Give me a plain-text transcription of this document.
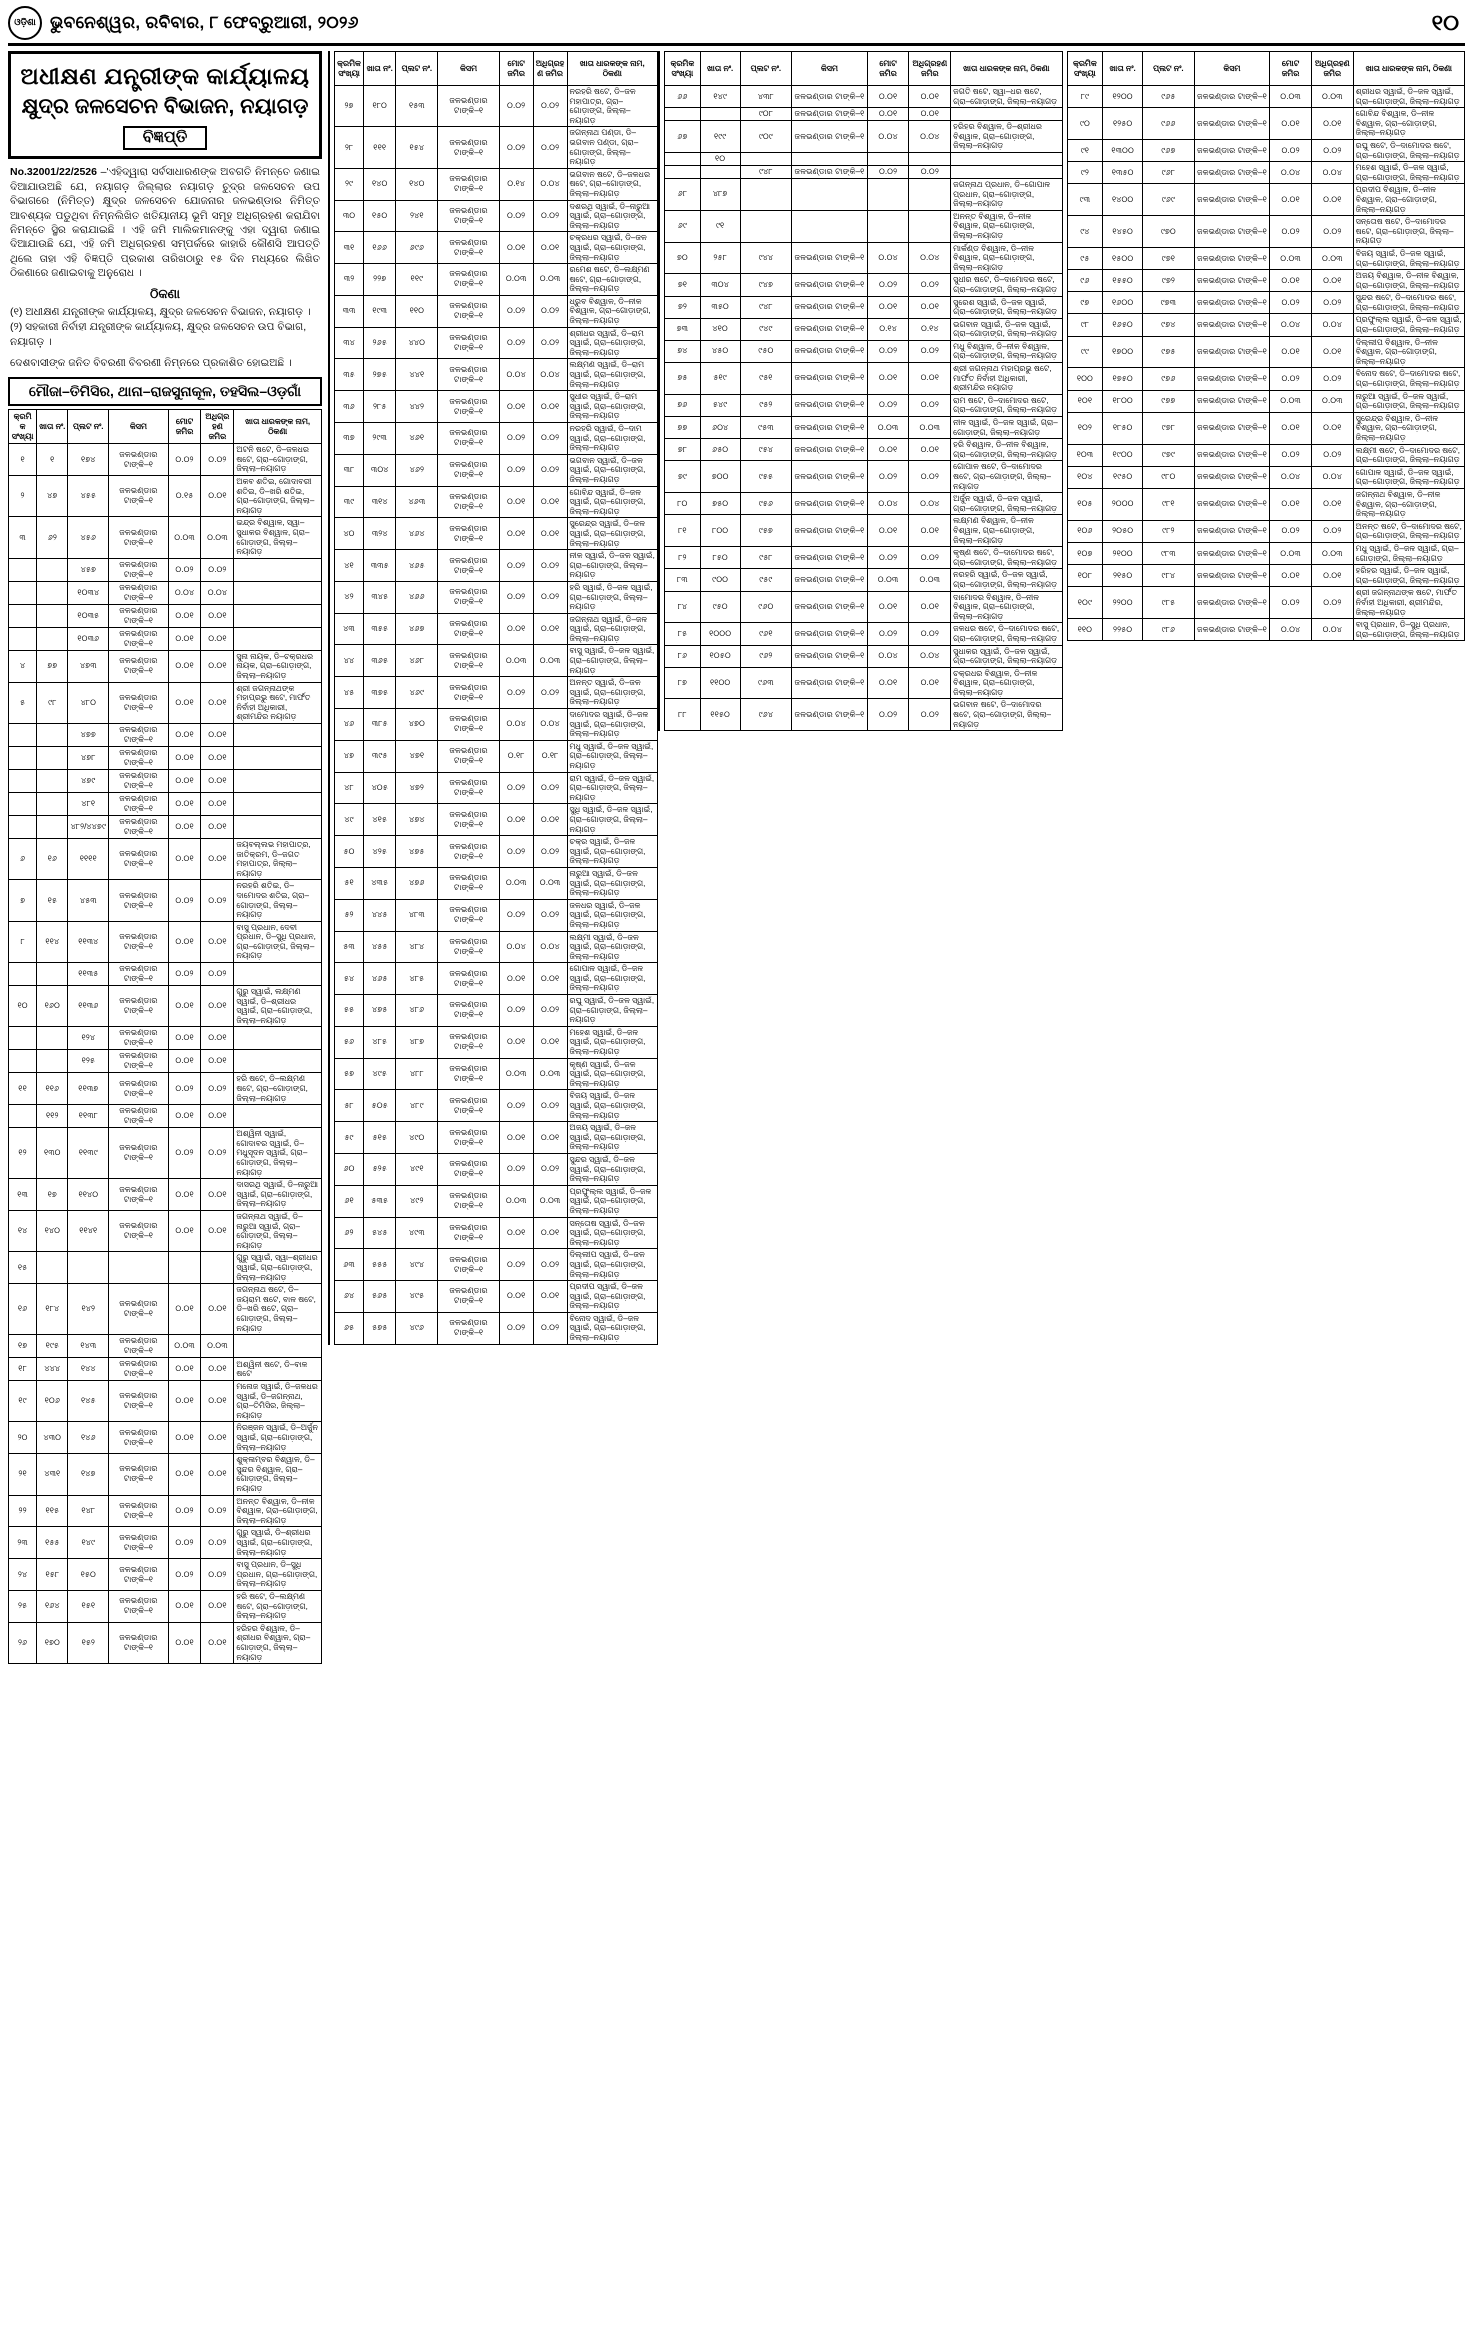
ଓଡ଼ିଶା ଭୁବନେଶ୍ୱର, ରବିବାର, ୮ ଫେବ୍ରୁଆରୀ, ୨୦୨୬	୧୦
ଅଧୀକ୍ଷଣ ଯନ୍ତ୍ରୀଙ୍କ କାର୍ଯ୍ୟାଳୟ
କ୍ଷୁଦ୍ର ଜଳସେଚନ ବିଭାଜନ, ନୟାଗଡ଼
ବିଜ୍ଞପ୍ତି
No.32001/22/2526 –'ଏହିଦ୍ୱାରା ସର୍ବସାଧାରଣଙ୍କ ଅବଗତି ନିମନ୍ତେ ଜଣାଇ ଦିଆଯାଉଅଛି ଯେ, ନୟାଗଡ଼ ଜିଲ୍ଲାର ନୟାଗଡ଼ ଚୁ୍ଦ୍ର ଜଳସେଚନ ଉପ ବିଭାଗରେ (ନିମିତ୍ତ) କ୍ଷୁଦ୍ର ଜଳସେଚନ ଯୋଜନାର ଜଳଭଣ୍ଡାର ନିମିତ୍ତ ଆବଶ୍ୟକ ପଡୁଥିବା ନିମ୍ନଲିଖିତ ଖତିୟାନୀୟ ଭୂମି ସମୂହ ଅଧିଗ୍ରହଣ କରାଯିବା ନିମନ୍ତେ ସ୍ଥିର କରାଯାଇଛି । ଏହି ଜମି ମାଲିକମାନଙ୍କୁ ଏହା ଦ୍ୱାରା ଜଣାଇ ଦିଆଯାଉଛି ଯେ, ଏହି ଜମି ଅଧିଗ୍ରହଣ ସମ୍ପର୍କରେ କାହାରି କୌଣସି ଆପତ୍ତି ଥିଲେ ତାହା ଏହି ବିଜ୍ଞପ୍ତି ପ୍ରକାଶ ତାରିଖଠାରୁ ୧୫ ଦିନ ମଧ୍ୟରେ ଲିଖିତ ଠିକଣାରେ ଜଣାଇବାକୁ ଅନୁରୋଧ ।
ଠିକଣା
(୧) ଅଧୀକ୍ଷଣ ଯନ୍ତ୍ରୀଙ୍କ କାର୍ଯ୍ୟାଳୟ, କ୍ଷୁଦ୍ର ଜଳସେଚନ ବିଭାଜନ, ନୟାଗଡ଼ ।
(୨) ସହକାରୀ ନିର୍ବାହୀ ଯନ୍ତ୍ରୀଙ୍କ କାର୍ଯ୍ୟାଳୟ, କ୍ଷୁଦ୍ର ଜଳସେଚନ ଉପ ବିଭାଗ, ନୟାଗଡ଼ ।
ଦେଶବାସୀଙ୍କ ଜନିତ ବିବରଣୀ ବିବରଣୀ ନିମ୍ନରେ ପ୍ରକାଶିତ ହୋଇଅଛି ।
ମୌଜା–ତିମିସିର, ଥାନା–ରାଜସୁନାକୂଳ, ତହସିଲ–ଓଡ଼ଗାଁ
କ୍ରମିକ ସଂଖ୍ୟା	ଖାତା ନଂ.	ପ୍ଲଟ ନଂ.	କିସମ	ମୋଟ ଜମିର	ଅଧିଗ୍ରହଣ ଜମିର	ଖାତା ଧାରକଙ୍କ ନାମ, ଠିକଣା
୧	୧	୧୭୪	ଜଳଭଣ୍ଡାର ଟାଙ୍କି–୧	୦.୦୨	୦.୦୨	ଅଟନି ଷଟେ, ଡି–ଜଳଧର ଷଟେ, ଗ୍ରା–ଗୋଡ଼ାଙ୍ଗ, ଜିଲ୍ଲା–ନୟାଗଡ଼
୨	୪୭	୪୫୫	ଜଳଭଣ୍ଡାର ଟାଙ୍କି–୧	୦.୧୫	୦.୦୧	ଅକବ ଶତିଇ, ଗୋଦାବରୀ ଶତିଇ, ଡି–ଖରି ଶତିଇ, ଗ୍ରା–ଗୋଡ଼ାଙ୍ଗ, ଜିଲ୍ଲା–ନୟାଗଡ଼
୩	୬୨	୪୫୬	ଜଳଭଣ୍ଡାର ଟାଙ୍କି–୧	୦.୦୩	୦.୦୩	ଇନ୍ଦ୍ର ବିଶ୍ୱାଳ, ସ୍ୱା–ସୁଧାକର ବିଶ୍ୱାଳ, ଗ୍ରା–ଗୋଡ଼ାଙ୍ଗ, ଜିଲ୍ଲା–ନୟାଗଡ଼
		୪୫୭	ଜଳଭଣ୍ଡାର ଟାଙ୍କି–୧	୦.୦୨	୦.୦୨	
		୧୦୩୪	ଜଳଭଣ୍ଡାର ଟାଙ୍କି–୧	୦.୦୪	୦.୦୪	
		୧୦୩୫	ଜଳଭଣ୍ଡାର ଟାଙ୍କି–୧	୦.୦୧	୦.୦୧	
		୧୦୩୬	ଜଳଭଣ୍ଡାର ଟାଙ୍କି–୧	୦.୦୧	୦.୦୧	
୪	୭୭	୪୭୩	ଜଳଭଣ୍ଡାର ଟାଙ୍କି–୧	୦.୦୧	୦.୦୧	ସୁନା ନାୟକ, ଡି–ଚକ୍ରଧର ନାୟକ, ଗ୍ରା–ଗୋଡ଼ାଙ୍ଗ, ଜିଲ୍ଲା–ନୟାଗଡ଼
୫	୯୮	୪୮୦	ଜଳଭଣ୍ଡାର ଟାଙ୍କି–୧	୦.୦୧	୦.୦୧	ଶ୍ରୀ ଜଗନ୍ନାଥଙ୍କ ମହାପ୍ରଭୁ ଷଟେ, ମାର୍ଫତ ନିର୍ବାହୀ ଅଧିକାରୀ, ଶ୍ରୀମନ୍ଦିର ନୟାଗଡ଼
		୪୭୭	ଜଳଭଣ୍ଡାର ଟାଙ୍କି–୧	୦.୦୧	୦.୦୧	
		୪୭୮	ଜଳଭଣ୍ଡାର ଟାଙ୍କି–୧	୦.୦୧	୦.୦୧	
		୪୭୯	ଜଳଭଣ୍ଡାର ଟାଙ୍କି–୧	୦.୦୧	୦.୦୧	
		୪୮୧	ଜଳଭଣ୍ଡାର ଟାଙ୍କି–୧	୦.୦୧	୦.୦୧	
		୪୮୨/୪୪୭୯	ଜଳଭଣ୍ଡାର ଟାଙ୍କି–୧	୦.୦୧	୦.୦୧	
୬	୧୬	୧୧୧୧	ଜଳଭଣ୍ଡାର ଟାଙ୍କି–୧	୦.୦୧	୦.୦୧	ଜୟବଲ୍ଲଭ ମହାପାତ୍ର, ଜାତିକ୍ରମ, ଡି–ଜଗତ ମହାପାତ୍ର, ଜିଲ୍ଲା–ନୟାଗଡ଼
୭	୧୫	୪୫୩	ଜଳଭଣ୍ଡାର ଟାଙ୍କି–୧	୦.୦୨	୦.୦୨	ନରହରି ଶତିଇ, ଡି–ଦାମୋଦର ଶତିଇ, ଗ୍ରା–ଗୋଡ଼ାଙ୍ଗ, ଜିଲ୍ଲା–ନୟାଗଡ଼
୮	୧୧୪	୧୧୩୪	ଜଳଭଣ୍ଡାର ଟାଙ୍କି–୧	୦.୦୧	୦.୦୧	ବାସୁ ପ୍ରଧାନ, ଦେବୀ ପ୍ରଧାନ, ଡି–ସୁଧି ପ୍ରଧାନ, ଗ୍ରା–ଗୋଡ଼ାଙ୍ଗ, ଜିଲ୍ଲା–ନୟାଗଡ଼
		୧୧୩୫	ଜଳଭଣ୍ଡାର ଟାଙ୍କି–୧	୦.୦୨	୦.୦୨	
୧୦	୧୬୦	୧୧୩୬	ଜଳଭଣ୍ଡାର ଟାଙ୍କି–୧	୦.୦୧	୦.୦୧	ଗୁରୁ ସ୍ୱାଇଁ, ଲକ୍ଷ୍ମଣ ସ୍ୱାଇଁ, ଡି–ଶ୍ରୀଧର ସ୍ୱାଇଁ, ଗ୍ରା–ଗୋଡ଼ାଙ୍ଗ, ଜିଲ୍ଲା–ନୟାଗଡ଼
		୧୨୪	ଜଳଭଣ୍ଡାର ଟାଙ୍କି–୧	୦.୦୧	୦.୦୧	
		୧୨୫	ଜଳଭଣ୍ଡାର ଟାଙ୍କି–୧	୦.୦୧	୦.୦୧	
୧୧	୧୧୬	୧୧୩୭	ଜଳଭଣ୍ଡାର ଟାଙ୍କି–୧	୦.୦୨	୦.୦୨	ହରି ଷଟେ, ଡି–ଲକ୍ଷ୍ମଣ ଷଟେ, ଗ୍ରା–ଗୋଡ଼ାଙ୍ଗ, ଜିଲ୍ଲା–ନୟାଗଡ଼
	୧୧୨	୧୧୩୮	ଜଳଭଣ୍ଡାର ଟାଙ୍କି–୧	୦.୦୧	୦.୦୧	
୧୨	୧୩୦	୧୧୩୯	ଜଳଭଣ୍ଡାର ଟାଙ୍କି–୧	୦.୦୨	୦.୦୨	ଅଶ୍ୱିନୀ ସ୍ୱାଇଁ, ଗୋଦାବର ସ୍ୱାଇଁ, ଡି–ମଧୁସୂଦନ ସ୍ୱାଇଁ, ଗ୍ରା–ଗୋଡ଼ାଙ୍ଗ, ଜିଲ୍ଲା–ନୟାଗଡ଼
୧୩	୧୭	୧୧୪୦	ଜଳଭଣ୍ଡାର ଟାଙ୍କି–୧	୦.୦୧	୦.୦୧	ଦାସରଥି ସ୍ୱାଇଁ, ଡି–ନାରୁଆ ସ୍ୱାଇଁ, ଗ୍ରା–ଗୋଡ଼ାଙ୍ଗ, ଜିଲ୍ଲା–ନୟାଗଡ଼
୧୪	୧୪୦	୧୧୪୧	ଜଳଭଣ୍ଡାର ଟାଙ୍କି–୧	୦.୦୧	୦.୦୧	ଜଗନ୍ନାଥ ସ୍ୱାଇଁ, ଡି–ନାରୁଆ ସ୍ୱାଇଁ, ଗ୍ରା–ଗୋଡ଼ାଙ୍ଗ, ଜିଲ୍ଲା–ନୟାଗଡ଼
୧୫						ଗୁରୁ ସ୍ୱାଇଁ, ସ୍ୱା–ଶ୍ରୀଧର ସ୍ୱାଇଁ, ଗ୍ରା–ଗୋଡ଼ାଙ୍ଗ, ଜିଲ୍ଲା–ନୟାଗଡ଼
୧୬	୧୮୪	୧୪୨	ଜଳଭଣ୍ଡାର ଟାଙ୍କି–୧	୦.୦୧	୦.୦୧	ଜଗନ୍ନାଥ ଷଟେ, ଡି–ଜୟରାମ ଷଟେ, ବାଳ ଷଟେ, ଡି–ଖରି ଷଟେ, ଗ୍ରା–ଗୋଡ଼ାଙ୍ଗ, ଜିଲ୍ଲା–ନୟାଗଡ଼
୧୭	୧୯୫	୧୪୩	ଜଳଭଣ୍ଡାର ଟାଙ୍କି–୧	୦.୦୩	୦.୦୩	
୧୮	୪୪୪	୧୪୪	ଜଳଭଣ୍ଡାର ଟାଙ୍କି–୧	୦.୦୧	୦.୦୧	ଅଶ୍ୱିନୀ ଷଟେ, ଡି–ବାଳ ଷଟେ
୧୯	୧୦୬	୧୪୫	ଜଳଭଣ୍ଡାର ଟାଙ୍କି–୧	୦.୦୧	୦.୦୧	ମନୋଜ ସ୍ୱାଇଁ, ଡି–ଜଳଧର ସ୍ୱାଇଁ, ଡି–ଜଗନ୍ନାଥ, ଗ୍ରା–ତିମିସିର, ଜିଲ୍ଲା–ନୟାଗଡ଼
୨୦	୪୩୦	୧୪୬	ଜଳଭଣ୍ଡାର ଟାଙ୍କି–୧	୦.୦୧	୦.୦୧	ନିରଞ୍ଜନ ସ୍ୱାଇଁ, ଡି–ଅର୍ଜୁନ ସ୍ୱାଇଁ, ଗ୍ରା–ଗୋଡ଼ାଙ୍ଗ, ଜିଲ୍ଲା–ନୟାଗଡ଼
୨୧	୪୩୧	୧୪୭	ଜଳଭଣ୍ଡାର ଟାଙ୍କି–୧	୦.୦୧	୦.୦୧	ଶୁକ୍ଳାମ୍ବର ବିଶ୍ୱାଳ, ଡି–ସୁନ୍ଦର ବିଶ୍ୱାଳ, ଗ୍ରା–ଗୋଡ଼ାଙ୍ଗ, ଜିଲ୍ଲା–ନୟାଗଡ଼
୨୨	୧୧୫	୧୪୮	ଜଳଭଣ୍ଡାର ଟାଙ୍କି–୧	୦.୦୨	୦.୦୨	ଅନନ୍ତ ବିଶ୍ୱାଳ, ଡି–ନୀଳ ବିଶ୍ୱାଳ, ଗ୍ରା–ଗୋଡ଼ାଙ୍ଗ, ଜିଲ୍ଲା–ନୟାଗଡ଼
୨୩	୧୫୫	୧୪୯	ଜଳଭଣ୍ଡାର ଟାଙ୍କି–୧	୦.୦୨	୦.୦୨	ଗୁରୁ ସ୍ୱାଇଁ, ଡି–ଶ୍ରୀଧର ସ୍ୱାଇଁ, ଗ୍ରା–ଗୋଡ଼ାଙ୍ଗ, ଜିଲ୍ଲା–ନୟାଗଡ଼
୨୪	୧୫୮	୧୫୦	ଜଳଭଣ୍ଡାର ଟାଙ୍କି–୧	୦.୦୨	୦.୦୨	ବାସୁ ପ୍ରଧାନ, ଡି–ସୁଧି ପ୍ରଧାନ, ଗ୍ରା–ଗୋଡ଼ାଙ୍ଗ, ଜିଲ୍ଲା–ନୟାଗଡ଼
୨୫	୧୬୪	୧୫୧	ଜଳଭଣ୍ଡାର ଟାଙ୍କି–୧	୦.୦୧	୦.୦୧	ହରି ଷଟେ, ଡି–ଲକ୍ଷ୍ମଣ ଷଟେ, ଗ୍ରା–ଗୋଡ଼ାଙ୍ଗ, ଜିଲ୍ଲା–ନୟାଗଡ଼
୨୬	୧୭୦	୧୫୨	ଜଳଭଣ୍ଡାର ଟାଙ୍କି–୧	୦.୦୧	୦.୦୧	ହରିହର ବିଶ୍ୱାଳ, ଡି–ଶ୍ରୀଧର ବିଶ୍ୱାଳ, ଗ୍ରା–ଗୋଡ଼ାଙ୍ଗ, ଜିଲ୍ଲା–ନୟାଗଡ଼
କ୍ରମିକ ସଂଖ୍ୟା	ଖାତା ନଂ.	ପ୍ଲଟ ନଂ.	କିସମ	ମୋଟ ଜମିର	ଅଧିଗ୍ରହଣ ଜମିର	ଖାତା ଧାରକଙ୍କ ନାମ, ଠିକଣା
୨୭	୧୮୦	୧୫୩	ଜଳଭଣ୍ଡାର ଟାଙ୍କି–୧	୦.୦୨	୦.୦୨	ନରହରି ଷଟେ, ଡି–ଜଳ ମହାପାତ୍ର, ଗ୍ରା–ଗୋଡ଼ାଙ୍ଗ, ଜିଲ୍ଲା–ନୟାଗଡ଼
୨୮	୧୧୧	୧୫୪	ଜଳଭଣ୍ଡାର ଟାଙ୍କି–୧	୦.୦୨	୦.୦୨	ଜଗନ୍ନାଥ ପଣ୍ଡା, ଡି–ଭଗବାନ ପଣ୍ଡା, ଗ୍ରା–ଗୋଡ଼ାଙ୍ଗ, ଜିଲ୍ଲା–ନୟାଗଡ଼
୨୯	୧୪୦	୧୪୦	ଜଳଭଣ୍ଡାର ଟାଙ୍କି–୧	୦.୧୪	୦.୦୪	ଭଗବାନ ଷଟେ, ଡି–ଜଳଧର ଷଟେ, ଗ୍ରା–ଗୋଡ଼ାଙ୍ଗ, ଜିଲ୍ଲା–ନୟାଗଡ଼
୩୦	୧୫୦	୨୪୧	ଜଳଭଣ୍ଡାର ଟାଙ୍କି–୧	୦.୦୨	୦.୦୨	ଦଶରଥି ସ୍ୱାଇଁ, ଡି–ନାରୁଆ ସ୍ୱାଇଁ, ଗ୍ରା–ଗୋଡ଼ାଙ୍ଗ, ଜିଲ୍ଲା–ନୟାଗଡ଼
୩୧	୧୬୬	୬୯୬	ଜଳଭଣ୍ଡାର ଟାଙ୍କି–୧	୦.୦୧	୦.୦୧	ଚକ୍ରଧର ସ୍ୱାଇଁ, ଡି–ଜଳ ସ୍ୱାଇଁ, ଗ୍ରା–ଗୋଡ଼ାଙ୍ଗ, ଜିଲ୍ଲା–ନୟାଗଡ଼
୩୨	୨୨୭	୧୧୯	ଜଳଭଣ୍ଡାର ଟାଙ୍କି–୧	୦.୦୩	୦.୦୩	ରମେଶ ଷଟେ, ଡି–ଲକ୍ଷ୍ମଣ ଷଟେ, ଗ୍ରା–ଗୋଡ଼ାଙ୍ଗ, ଜିଲ୍ଲା–ନୟାଗଡ଼
୩୩	୧୯୩	୧୧୦	ଜଳଭଣ୍ଡାର ଟାଙ୍କି–୧	୦.୦୨	୦.୦୨	ଧ୍ରୁବ ବିଶ୍ୱାଳ, ଡି–ନୀଳ ବିଶ୍ୱାଳ, ଗ୍ରା–ଗୋଡ଼ାଙ୍ଗ, ଜିଲ୍ଲା–ନୟାଗଡ଼
୩୪	୨୬୫	୪୪୦	ଜଳଭଣ୍ଡାର ଟାଙ୍କି–୧	୦.୦୨	୦.୦୨	ଶ୍ରୀଧର ସ୍ୱାଇଁ, ଡି–ରାମ ସ୍ୱାଇଁ, ଗ୍ରା–ଗୋଡ଼ାଙ୍ଗ, ଜିଲ୍ଲା–ନୟାଗଡ଼
୩୫	୨୭୫	୪୪୧	ଜଳଭଣ୍ଡାର ଟାଙ୍କି–୧	୦.୦୪	୦.୦୪	ଲକ୍ଷ୍ମଣ ସ୍ୱାଇଁ, ଡି–ରାମ ସ୍ୱାଇଁ, ଗ୍ରା–ଗୋଡ଼ାଙ୍ଗ, ଜିଲ୍ଲା–ନୟାଗଡ଼
୩୬	୨୮୫	୪୪୨	ଜଳଭଣ୍ଡାର ଟାଙ୍କି–୧	୦.୦୧	୦.୦୧	ସୁଧୀର ସ୍ୱାଇଁ, ଡି–ରାମ ସ୍ୱାଇଁ, ଗ୍ରା–ଗୋଡ଼ାଙ୍ଗ, ଜିଲ୍ଲା–ନୟାଗଡ଼
୩୭	୨୯୩	୪୬୧	ଜଳଭଣ୍ଡାର ଟାଙ୍କି–୧	୦.୦୨	୦.୦୨	ନରହରି ସ୍ୱାଇଁ, ଡି–ଦାମ ସ୍ୱାଇଁ, ଗ୍ରା–ଗୋଡ଼ାଙ୍ଗ, ଜିଲ୍ଲା–ନୟାଗଡ଼
୩୮	୩୦୪	୪୬୨	ଜଳଭଣ୍ଡାର ଟାଙ୍କି–୧	୦.୦୨	୦.୦୨	ଭଗବାନ ସ୍ୱାଇଁ, ଡି–ଜଳ ସ୍ୱାଇଁ, ଗ୍ରା–ଗୋଡ଼ାଙ୍ଗ, ଜିଲ୍ଲା–ନୟାଗଡ଼
୩୯	୩୧୪	୪୬୩	ଜଳଭଣ୍ଡାର ଟାଙ୍କି–୧	୦.୦୧	୦.୦୧	ଗୋବିନ୍ଦ ସ୍ୱାଇଁ, ଡି–ଜଳ ସ୍ୱାଇଁ, ଗ୍ରା–ଗୋଡ଼ାଙ୍ଗ, ଜିଲ୍ଲା–ନୟାଗଡ଼
୪୦	୩୨୪	୪୬୪	ଜଳଭଣ୍ଡାର ଟାଙ୍କି–୧	୦.୦୧	୦.୦୧	ସୁରେନ୍ଦ୍ର ସ୍ୱାଇଁ, ଡି–ଜଳ ସ୍ୱାଇଁ, ଗ୍ରା–ଗୋଡ଼ାଙ୍ଗ, ଜିଲ୍ଲା–ନୟାଗଡ଼
୪୧	୩୩୫	୪୬୫	ଜଳଭଣ୍ଡାର ଟାଙ୍କି–୧	୦.୦୨	୦.୦୨	ନୀଳ ସ୍ୱାଇଁ, ଡି–ଜଳ ସ୍ୱାଇଁ, ଗ୍ରା–ଗୋଡ଼ାଙ୍ଗ, ଜିଲ୍ଲା–ନୟାଗଡ଼
୪୨	୩୪୫	୪୬୬	ଜଳଭଣ୍ଡାର ଟାଙ୍କି–୧	୦.୦୨	୦.୦୨	ହରି ସ୍ୱାଇଁ, ଡି–ଜଳ ସ୍ୱାଇଁ, ଗ୍ରା–ଗୋଡ଼ାଙ୍ଗ, ଜିଲ୍ଲା–ନୟାଗଡ଼
୪୩	୩୫୫	୪୬୭	ଜଳଭଣ୍ଡାର ଟାଙ୍କି–୧	୦.୦୧	୦.୦୧	ଜଗନ୍ନାଥ ସ୍ୱାଇଁ, ଡି–ଜଳ ସ୍ୱାଇଁ, ଗ୍ରା–ଗୋଡ଼ାଙ୍ଗ, ଜିଲ୍ଲା–ନୟାଗଡ଼
୪୪	୩୬୫	୪୬୮	ଜଳଭଣ୍ଡାର ଟାଙ୍କି–୧	୦.୦୩	୦.୦୩	ବାସୁ ସ୍ୱାଇଁ, ଡି–ଜଳ ସ୍ୱାଇଁ, ଗ୍ରା–ଗୋଡ଼ାଙ୍ଗ, ଜିଲ୍ଲା–ନୟାଗଡ଼
୪୫	୩୭୫	୪୬୯	ଜଳଭଣ୍ଡାର ଟାଙ୍କି–୧	୦.୦୨	୦.୦୨	ଅନନ୍ତ ସ୍ୱାଇଁ, ଡି–ଜଳ ସ୍ୱାଇଁ, ଗ୍ରା–ଗୋଡ଼ାଙ୍ଗ, ଜିଲ୍ଲା–ନୟାଗଡ଼
୪୬	୩୮୫	୪୭୦	ଜଳଭଣ୍ଡାର ଟାଙ୍କି–୧	୦.୦୪	୦.୦୪	ଦାମୋଦର ସ୍ୱାଇଁ, ଡି–ଜଳ ସ୍ୱାଇଁ, ଗ୍ରା–ଗୋଡ଼ାଙ୍ଗ, ଜିଲ୍ଲା–ନୟାଗଡ଼
୪୭	୩୯୫	୪୭୧	ଜଳଭଣ୍ଡାର ଟାଙ୍କି–୧	୦.୧୮	୦.୧୮	ମଧୁ ସ୍ୱାଇଁ, ଡି–ଜଳ ସ୍ୱାଇଁ, ଗ୍ରା–ଗୋଡ଼ାଙ୍ଗ, ଜିଲ୍ଲା–ନୟାଗଡ଼
୪୮	୪୦୫	୪୭୨	ଜଳଭଣ୍ଡାର ଟାଙ୍କି–୧	୦.୦୨	୦.୦୨	ରାମ ସ୍ୱାଇଁ, ଡି–ଜଳ ସ୍ୱାଇଁ, ଗ୍ରା–ଗୋଡ଼ାଙ୍ଗ, ଜିଲ୍ଲା–ନୟାଗଡ଼
୪୯	୪୧୫	୪୭୪	ଜଳଭଣ୍ଡାର ଟାଙ୍କି–୧	୦.୦୧	୦.୦୧	ସୁଧି ସ୍ୱାଇଁ, ଡି–ଜଳ ସ୍ୱାଇଁ, ଗ୍ରା–ଗୋଡ଼ାଙ୍ଗ, ଜିଲ୍ଲା–ନୟାଗଡ଼
୫୦	୪୨୫	୪୭୫	ଜଳଭଣ୍ଡାର ଟାଙ୍କି–୧	୦.୦୨	୦.୦୨	ଚକ୍ର ସ୍ୱାଇଁ, ଡି–ଜଳ ସ୍ୱାଇଁ, ଗ୍ରା–ଗୋଡ଼ାଙ୍ଗ, ଜିଲ୍ଲା–ନୟାଗଡ଼
୫୧	୪୩୫	୪୭୬	ଜଳଭଣ୍ଡାର ଟାଙ୍କି–୧	୦.୦୩	୦.୦୩	ନାରୁଆ ସ୍ୱାଇଁ, ଡି–ଜଳ ସ୍ୱାଇଁ, ଗ୍ରା–ଗୋଡ଼ାଙ୍ଗ, ଜିଲ୍ଲା–ନୟାଗଡ଼
୫୨	୪୪୫	୪୮୩	ଜଳଭଣ୍ଡାର ଟାଙ୍କି–୧	୦.୦୨	୦.୦୨	ଜଳଧର ସ୍ୱାଇଁ, ଡି–ଜଳ ସ୍ୱାଇଁ, ଗ୍ରା–ଗୋଡ଼ାଙ୍ଗ, ଜିଲ୍ଲା–ନୟାଗଡ଼
୫୩	୪୫୫	୪୮୪	ଜଳଭଣ୍ଡାର ଟାଙ୍କି–୧	୦.୦୪	୦.୦୪	ଲକ୍ଷ୍ମୀ ସ୍ୱାଇଁ, ଡି–ଜଳ ସ୍ୱାଇଁ, ଗ୍ରା–ଗୋଡ଼ାଙ୍ଗ, ଜିଲ୍ଲା–ନୟାଗଡ଼
୫୪	୪୬୫	୪୮୫	ଜଳଭଣ୍ଡାର ଟାଙ୍କି–୧	୦.୦୧	୦.୦୧	ଗୋପାଳ ସ୍ୱାଇଁ, ଡି–ଜଳ ସ୍ୱାଇଁ, ଗ୍ରା–ଗୋଡ଼ାଙ୍ଗ, ଜିଲ୍ଲା–ନୟାଗଡ଼
୫୫	୪୭୫	୪୮୬	ଜଳଭଣ୍ଡାର ଟାଙ୍କି–୧	୦.୦୨	୦.୦୨	ରଘୁ ସ୍ୱାଇଁ, ଡି–ଜଳ ସ୍ୱାଇଁ, ଗ୍ରା–ଗୋଡ଼ାଙ୍ଗ, ଜିଲ୍ଲା–ନୟାଗଡ଼
୫୬	୪୮୫	୪୮୭	ଜଳଭଣ୍ଡାର ଟାଙ୍କି–୧	୦.୦୧	୦.୦୧	ମହେଶ ସ୍ୱାଇଁ, ଡି–ଜଳ ସ୍ୱାଇଁ, ଗ୍ରା–ଗୋଡ଼ାଙ୍ଗ, ଜିଲ୍ଲା–ନୟାଗଡ଼
୫୭	୪୯୫	୪୮୮	ଜଳଭଣ୍ଡାର ଟାଙ୍କି–୧	୦.୦୩	୦.୦୩	କୃଷ୍ଣ ସ୍ୱାଇଁ, ଡି–ଜଳ ସ୍ୱାଇଁ, ଗ୍ରା–ଗୋଡ଼ାଙ୍ଗ, ଜିଲ୍ଲା–ନୟାଗଡ଼
୫୮	୫୦୫	୪୮୯	ଜଳଭଣ୍ଡାର ଟାଙ୍କି–୧	୦.୦୨	୦.୦୨	ବିଜୟ ସ୍ୱାଇଁ, ଡି–ଜଳ ସ୍ୱାଇଁ, ଗ୍ରା–ଗୋଡ଼ାଙ୍ଗ, ଜିଲ୍ଲା–ନୟାଗଡ଼
୫୯	୫୧୫	୪୯୦	ଜଳଭଣ୍ଡାର ଟାଙ୍କି–୧	୦.୦୧	୦.୦୧	ଅଜୟ ସ୍ୱାଇଁ, ଡି–ଜଳ ସ୍ୱାଇଁ, ଗ୍ରା–ଗୋଡ଼ାଙ୍ଗ, ଜିଲ୍ଲା–ନୟାଗଡ଼
୬୦	୫୨୫	୪୯୧	ଜଳଭଣ୍ଡାର ଟାଙ୍କି–୧	୦.୦୨	୦.୦୨	ସୁନ୍ଦର ସ୍ୱାଇଁ, ଡି–ଜଳ ସ୍ୱାଇଁ, ଗ୍ରା–ଗୋଡ଼ାଙ୍ଗ, ଜିଲ୍ଲା–ନୟାଗଡ଼
୬୧	୫୩୫	୪୯୨	ଜଳଭଣ୍ଡାର ଟାଙ୍କି–୧	୦.୦୩	୦.୦୩	ପ୍ରଫୁଲ୍ଲ ସ୍ୱାଇଁ, ଡି–ଜଳ ସ୍ୱାଇଁ, ଗ୍ରା–ଗୋଡ଼ାଙ୍ଗ, ଜିଲ୍ଲା–ନୟାଗଡ଼
୬୨	୫୪୫	୪୯୩	ଜଳଭଣ୍ଡାର ଟାଙ୍କି–୧	୦.୦୧	୦.୦୧	ସନ୍ତୋଷ ସ୍ୱାଇଁ, ଡି–ଜଳ ସ୍ୱାଇଁ, ଗ୍ରା–ଗୋଡ଼ାଙ୍ଗ, ଜିଲ୍ଲା–ନୟାଗଡ଼
୬୩	୫୫୫	୪୯୪	ଜଳଭଣ୍ଡାର ଟାଙ୍କି–୧	୦.୦୨	୦.୦୨	ଦିଲ୍ଲୀପ ସ୍ୱାଇଁ, ଡି–ଜଳ ସ୍ୱାଇଁ, ଗ୍ରା–ଗୋଡ଼ାଙ୍ଗ, ଜିଲ୍ଲା–ନୟାଗଡ଼
୬୪	୫୬୫	୪୯୫	ଜଳଭଣ୍ଡାର ଟାଙ୍କି–୧	୦.୦୧	୦.୦୧	ପ୍ରଦୀପ ସ୍ୱାଇଁ, ଡି–ଜଳ ସ୍ୱାଇଁ, ଗ୍ରା–ଗୋଡ଼ାଙ୍ଗ, ଜିଲ୍ଲା–ନୟାଗଡ଼
୬୫	୫୭୫	୪୯୬	ଜଳଭଣ୍ଡାର ଟାଙ୍କି–୧	୦.୦୨	୦.୦୨	ବିନୋଦ ସ୍ୱାଇଁ, ଡି–ଜଳ ସ୍ୱାଇଁ, ଗ୍ରା–ଗୋଡ଼ାଙ୍ଗ, ଜିଲ୍ଲା–ନୟାଗଡ଼
କ୍ରମିକ ସଂଖ୍ୟା	ଖାତା ନଂ.	ପ୍ଲଟ ନଂ.	କିସମ	ମୋଟ ଜମିର	ଅଧିଗ୍ରହଣ ଜମିର	ଖାତା ଧାରକଙ୍କ ନାମ, ଠିକଣା
୬୬	୧୪୯	୪୩୮	ଜଳଭଣ୍ଡାର ଟାଙ୍କି–୧	୦.୦୧	୦.୦୧	ଜଗତି ଷଟେ, ସ୍ୱା–ଧର ଷଟେ, ଗ୍ରା–ଗୋଡ଼ାଙ୍ଗ, ଜିଲ୍ଲା–ନୟାଗଡ଼
		୯୦୮	ଜଳଭଣ୍ଡାର ଟାଙ୍କି–୧	୦.୦୧	୦.୦୧	
୬୭	୧୯୯	୯୦୯	ଜଳଭଣ୍ଡାର ଟାଙ୍କି–୧	୦.୦୪	୦.୦୪	ହରିହର ବିଶ୍ୱାଳ, ଡି–ଶ୍ରୀଧର ବିଶ୍ୱାଳ, ଗ୍ରା–ଗୋଡ଼ାଙ୍ଗ, ଜିଲ୍ଲା–ନୟାଗଡ଼
	୧୦					
		୯୪୮	ଜଳଭଣ୍ଡାର ଟାଙ୍କି–୧	୦.୦୨	୦.୦୨	
୬୮	୪୮୭					ଜଗନ୍ନାଥ ପ୍ରଧାନ, ଡି–ଗୋପାଳ ପ୍ରଧାନ, ଗ୍ରା–ଗୋଡ଼ାଙ୍ଗ, ଜିଲ୍ଲା–ନୟାଗଡ଼
୬୯	୯୧					ଅନନ୍ତ ବିଶ୍ୱାଳ, ଡି–ନୀଳ ବିଶ୍ୱାଳ, ଗ୍ରା–ଗୋଡ଼ାଙ୍ଗ, ଜିଲ୍ଲା–ନୟାଗଡ଼
୭୦	୨୫୮	୯୪୪	ଜଳଭଣ୍ଡାର ଟାଙ୍କି–୧	୦.୦୪	୦.୦୪	ମାର୍କଣ୍ଡ ବିଶ୍ୱାଳ, ଡି–ନୀଳ ବିଶ୍ୱାଳ, ଗ୍ରା–ଗୋଡ଼ାଙ୍ଗ, ଜିଲ୍ଲା–ନୟାଗଡ଼
୭୧	୩୦୪	୯୪୭	ଜଳଭଣ୍ଡାର ଟାଙ୍କି–୧	୦.୦୨	୦.୦୨	ସୁଧୀର ଷଟେ, ଡି–ଦାମୋଦର ଷଟେ, ଗ୍ରା–ଗୋଡ଼ାଙ୍ଗ, ଜିଲ୍ଲା–ନୟାଗଡ଼
୭୨	୩୫୦	୯୪୮	ଜଳଭଣ୍ଡାର ଟାଙ୍କି–୧	୦.୦୧	୦.୦୧	ସୁରେଶ ସ୍ୱାଇଁ, ଡି–ଜଳ ସ୍ୱାଇଁ, ଗ୍ରା–ଗୋଡ଼ାଙ୍ଗ, ଜିଲ୍ଲା–ନୟାଗଡ଼
୭୩	୪୧୦	୯୪୯	ଜଳଭଣ୍ଡାର ଟାଙ୍କି–୧	୦.୧୪	୦.୧୪	ଭଗବାନ ସ୍ୱାଇଁ, ଡି–ଜଳ ସ୍ୱାଇଁ, ଗ୍ରା–ଗୋଡ଼ାଙ୍ଗ, ଜିଲ୍ଲା–ନୟାଗଡ଼
୭୪	୪୫୦	୯୫୦	ଜଳଭଣ୍ଡାର ଟାଙ୍କି–୧	୦.୦୨	୦.୦୨	ମଧୁ ବିଶ୍ୱାଳ, ଡି–ନୀଳ ବିଶ୍ୱାଳ, ଗ୍ରା–ଗୋଡ଼ାଙ୍ଗ, ଜିଲ୍ଲା–ନୟାଗଡ଼
୭୫	୫୧୯	୯୫୧	ଜଳଭଣ୍ଡାର ଟାଙ୍କି–୧	୦.୦୧	୦.୦୧	ଶ୍ରୀ ଜଗନ୍ନାଥ ମହାପ୍ରଭୁ ଷଟେ, ମାର୍ଫତ ନିର୍ବାହୀ ଅଧିକାରୀ, ଶ୍ରୀମନ୍ଦିର ନୟାଗଡ଼
୭୬	୫୪୯	୯୫୨	ଜଳଭଣ୍ଡାର ଟାଙ୍କି–୧	୦.୦୨	୦.୦୨	ରାମ ଷଟେ, ଡି–ଦାମୋଦର ଷଟେ, ଗ୍ରା–ଗୋଡ଼ାଙ୍ଗ, ଜିଲ୍ଲା–ନୟାଗଡ଼
୭୭	୬୦୪	୯୫୩	ଜଳଭଣ୍ଡାର ଟାଙ୍କି–୧	୦.୦୩	୦.୦୩	ନୀଳ ସ୍ୱାଇଁ, ଡି–ଜଳ ସ୍ୱାଇଁ, ଗ୍ରା–ଗୋଡ଼ାଙ୍ଗ, ଜିଲ୍ଲା–ନୟାଗଡ଼
୭୮	୬୫୦	୯୫୪	ଜଳଭଣ୍ଡାର ଟାଙ୍କି–୧	୦.୦୧	୦.୦୧	ହରି ବିଶ୍ୱାଳ, ଡି–ନୀଳ ବିଶ୍ୱାଳ, ଗ୍ରା–ଗୋଡ଼ାଙ୍ଗ, ଜିଲ୍ଲା–ନୟାଗଡ଼
୭୯	୭୦୦	୯୫୫	ଜଳଭଣ୍ଡାର ଟାଙ୍କି–୧	୦.୦୨	୦.୦୨	ଗୋପାଳ ଷଟେ, ଡି–ଦାମୋଦର ଷଟେ, ଗ୍ରା–ଗୋଡ଼ାଙ୍ଗ, ଜିଲ୍ଲା–ନୟାଗଡ଼
୮୦	୭୫୦	୯୫୬	ଜଳଭଣ୍ଡାର ଟାଙ୍କି–୧	୦.୦୪	୦.୦୪	ଅର୍ଜୁନ ସ୍ୱାଇଁ, ଡି–ଜଳ ସ୍ୱାଇଁ, ଗ୍ରା–ଗୋଡ଼ାଙ୍ଗ, ଜିଲ୍ଲା–ନୟାଗଡ଼
୮୧	୮୦୦	୯୫୭	ଜଳଭଣ୍ଡାର ଟାଙ୍କି–୧	୦.୦୧	୦.୦୧	ଲକ୍ଷ୍ମଣ ବିଶ୍ୱାଳ, ଡି–ନୀଳ ବିଶ୍ୱାଳ, ଗ୍ରା–ଗୋଡ଼ାଙ୍ଗ, ଜିଲ୍ଲା–ନୟାଗଡ଼
୮୨	୮୫୦	୯୫୮	ଜଳଭଣ୍ଡାର ଟାଙ୍କି–୧	୦.୦୨	୦.୦୨	କୃଷ୍ଣ ଷଟେ, ଡି–ଦାମୋଦର ଷଟେ, ଗ୍ରା–ଗୋଡ଼ାଙ୍ଗ, ଜିଲ୍ଲା–ନୟାଗଡ଼
୮୩	୯୦୦	୯୫୯	ଜଳଭଣ୍ଡାର ଟାଙ୍କି–୧	୦.୦୩	୦.୦୩	ନରହରି ସ୍ୱାଇଁ, ଡି–ଜଳ ସ୍ୱାଇଁ, ଗ୍ରା–ଗୋଡ଼ାଙ୍ଗ, ଜିଲ୍ଲା–ନୟାଗଡ଼
୮୪	୯୫୦	୯୬୦	ଜଳଭଣ୍ଡାର ଟାଙ୍କି–୧	୦.୦୧	୦.୦୧	ଦାମୋଦର ବିଶ୍ୱାଳ, ଡି–ନୀଳ ବିଶ୍ୱାଳ, ଗ୍ରା–ଗୋଡ଼ାଙ୍ଗ, ଜିଲ୍ଲା–ନୟାଗଡ଼
୮୫	୧୦୦୦	୯୬୧	ଜଳଭଣ୍ଡାର ଟାଙ୍କି–୧	୦.୦୨	୦.୦୨	ଜଳଧର ଷଟେ, ଡି–ଦାମୋଦର ଷଟେ, ଗ୍ରା–ଗୋଡ଼ାଙ୍ଗ, ଜିଲ୍ଲା–ନୟାଗଡ଼
୮୬	୧୦୫୦	୯୬୨	ଜଳଭଣ୍ଡାର ଟାଙ୍କି–୧	୦.୦୪	୦.୦୪	ସୁଧାକର ସ୍ୱାଇଁ, ଡି–ଜଳ ସ୍ୱାଇଁ, ଗ୍ରା–ଗୋଡ଼ାଙ୍ଗ, ଜିଲ୍ଲା–ନୟାଗଡ଼
୮୭	୧୧୦୦	୯୬୩	ଜଳଭଣ୍ଡାର ଟାଙ୍କି–୧	୦.୦୧	୦.୦୧	ଚକ୍ରଧର ବିଶ୍ୱାଳ, ଡି–ନୀଳ ବିଶ୍ୱାଳ, ଗ୍ରା–ଗୋଡ଼ାଙ୍ଗ, ଜିଲ୍ଲା–ନୟାଗଡ଼
୮୮	୧୧୫୦	୯୬୪	ଜଳଭଣ୍ଡାର ଟାଙ୍କି–୧	୦.୦୨	୦.୦୨	ଭଗବାନ ଷଟେ, ଡି–ଦାମୋଦର ଷଟେ, ଗ୍ରା–ଗୋଡ଼ାଙ୍ଗ, ଜିଲ୍ଲା–ନୟାଗଡ଼
କ୍ରମିକ ସଂଖ୍ୟା	ଖାତା ନଂ.	ପ୍ଲଟ ନଂ.	କିସମ	ମୋଟ ଜମିର	ଅଧିଗ୍ରହଣ ଜମିର	ଖାତା ଧାରକଙ୍କ ନାମ, ଠିକଣା
୮୯	୧୨୦୦	୯୬୫	ଜଳଭଣ୍ଡାର ଟାଙ୍କି–୧	୦.୦୩	୦.୦୩	ଶ୍ରୀଧର ସ୍ୱାଇଁ, ଡି–ଜଳ ସ୍ୱାଇଁ, ଗ୍ରା–ଗୋଡ଼ାଙ୍ଗ, ଜିଲ୍ଲା–ନୟାଗଡ଼
୯୦	୧୨୫୦	୯୬୬	ଜଳଭଣ୍ଡାର ଟାଙ୍କି–୧	୦.୦୧	୦.୦୧	ଗୋବିନ୍ଦ ବିଶ୍ୱାଳ, ଡି–ନୀଳ ବିଶ୍ୱାଳ, ଗ୍ରା–ଗୋଡ଼ାଙ୍ଗ, ଜିଲ୍ଲା–ନୟାଗଡ଼
୯୧	୧୩୦୦	୯୬୭	ଜଳଭଣ୍ଡାର ଟାଙ୍କି–୧	୦.୦୨	୦.୦୨	ରଘୁ ଷଟେ, ଡି–ଦାମୋଦର ଷଟେ, ଗ୍ରା–ଗୋଡ଼ାଙ୍ଗ, ଜିଲ୍ଲା–ନୟାଗଡ଼
୯୨	୧୩୫୦	୯୬୮	ଜଳଭଣ୍ଡାର ଟାଙ୍କି–୧	୦.୦୪	୦.୦୪	ମହେଶ ସ୍ୱାଇଁ, ଡି–ଜଳ ସ୍ୱାଇଁ, ଗ୍ରା–ଗୋଡ଼ାଙ୍ଗ, ଜିଲ୍ଲା–ନୟାଗଡ଼
୯୩	୧୪୦୦	୯୬୯	ଜଳଭଣ୍ଡାର ଟାଙ୍କି–୧	୦.୦୧	୦.୦୧	ପ୍ରଦୀପ ବିଶ୍ୱାଳ, ଡି–ନୀଳ ବିଶ୍ୱାଳ, ଗ୍ରା–ଗୋଡ଼ାଙ୍ଗ, ଜିଲ୍ଲା–ନୟାଗଡ଼
୯୪	୧୪୫୦	୯୭୦	ଜଳଭଣ୍ଡାର ଟାଙ୍କି–୧	୦.୦୨	୦.୦୨	ସନ୍ତୋଷ ଷଟେ, ଡି–ଦାମୋଦର ଷଟେ, ଗ୍ରା–ଗୋଡ଼ାଙ୍ଗ, ଜିଲ୍ଲା–ନୟାଗଡ଼
୯୫	୧୫୦୦	୯୭୧	ଜଳଭଣ୍ଡାର ଟାଙ୍କି–୧	୦.୦୩	୦.୦୩	ବିଜୟ ସ୍ୱାଇଁ, ଡି–ଜଳ ସ୍ୱାଇଁ, ଗ୍ରା–ଗୋଡ଼ାଙ୍ଗ, ଜିଲ୍ଲା–ନୟାଗଡ଼
୯୬	୧୫୫୦	୯୭୨	ଜଳଭଣ୍ଡାର ଟାଙ୍କି–୧	୦.୦୧	୦.୦୧	ଅଜୟ ବିଶ୍ୱାଳ, ଡି–ନୀଳ ବିଶ୍ୱାଳ, ଗ୍ରା–ଗୋଡ଼ାଙ୍ଗ, ଜିଲ୍ଲା–ନୟାଗଡ଼
୯୭	୧୬୦୦	୯୭୩	ଜଳଭଣ୍ଡାର ଟାଙ୍କି–୧	୦.୦୨	୦.୦୨	ସୁନ୍ଦର ଷଟେ, ଡି–ଦାମୋଦର ଷଟେ, ଗ୍ରା–ଗୋଡ଼ାଙ୍ଗ, ଜିଲ୍ଲା–ନୟାଗଡ଼
୯୮	୧୬୫୦	୯୭୪	ଜଳଭଣ୍ଡାର ଟାଙ୍କି–୧	୦.୦୪	୦.୦୪	ପ୍ରଫୁଲ୍ଲ ସ୍ୱାଇଁ, ଡି–ଜଳ ସ୍ୱାଇଁ, ଗ୍ରା–ଗୋଡ଼ାଙ୍ଗ, ଜିଲ୍ଲା–ନୟାଗଡ଼
୯୯	୧୭୦୦	୯୭୫	ଜଳଭଣ୍ଡାର ଟାଙ୍କି–୧	୦.୦୧	୦.୦୧	ଦିଲ୍ଲୀପ ବିଶ୍ୱାଳ, ଡି–ନୀଳ ବିଶ୍ୱାଳ, ଗ୍ରା–ଗୋଡ଼ାଙ୍ଗ, ଜିଲ୍ଲା–ନୟାଗଡ଼
୧୦୦	୧୭୫୦	୯୭୬	ଜଳଭଣ୍ଡାର ଟାଙ୍କି–୧	୦.୦୨	୦.୦୨	ବିନୋଦ ଷଟେ, ଡି–ଦାମୋଦର ଷଟେ, ଗ୍ରା–ଗୋଡ଼ାଙ୍ଗ, ଜିଲ୍ଲା–ନୟାଗଡ଼
୧୦୧	୧୮୦୦	୯୭୭	ଜଳଭଣ୍ଡାର ଟାଙ୍କି–୧	୦.୦୩	୦.୦୩	ନାରୁଆ ସ୍ୱାଇଁ, ଡି–ଜଳ ସ୍ୱାଇଁ, ଗ୍ରା–ଗୋଡ଼ାଙ୍ଗ, ଜିଲ୍ଲା–ନୟାଗଡ଼
୧୦୨	୧୮୫୦	୯୭୮	ଜଳଭଣ୍ଡାର ଟାଙ୍କି–୧	୦.୦୧	୦.୦୧	ସୁରେନ୍ଦ୍ର ବିଶ୍ୱାଳ, ଡି–ନୀଳ ବିଶ୍ୱାଳ, ଗ୍ରା–ଗୋଡ଼ାଙ୍ଗ, ଜିଲ୍ଲା–ନୟାଗଡ଼
୧୦୩	୧୯୦୦	୯୭୯	ଜଳଭଣ୍ଡାର ଟାଙ୍କି–୧	୦.୦୨	୦.୦୨	ଲକ୍ଷ୍ମୀ ଷଟେ, ଡି–ଦାମୋଦର ଷଟେ, ଗ୍ରା–ଗୋଡ଼ାଙ୍ଗ, ଜିଲ୍ଲା–ନୟାଗଡ଼
୧୦୪	୧୯୫୦	୯୮୦	ଜଳଭଣ୍ଡାର ଟାଙ୍କି–୧	୦.୦୪	୦.୦୪	ଗୋପାଳ ସ୍ୱାଇଁ, ଡି–ଜଳ ସ୍ୱାଇଁ, ଗ୍ରା–ଗୋଡ଼ାଙ୍ଗ, ଜିଲ୍ଲା–ନୟାଗଡ଼
୧୦୫	୨୦୦୦	୯୮୧	ଜଳଭଣ୍ଡାର ଟାଙ୍କି–୧	୦.୦୧	୦.୦୧	ଜଗନ୍ନାଥ ବିଶ୍ୱାଳ, ଡି–ନୀଳ ବିଶ୍ୱାଳ, ଗ୍ରା–ଗୋଡ଼ାଙ୍ଗ, ଜିଲ୍ଲା–ନୟାଗଡ଼
୧୦୬	୨୦୫୦	୯୮୨	ଜଳଭଣ୍ଡାର ଟାଙ୍କି–୧	୦.୦୨	୦.୦୨	ଅନନ୍ତ ଷଟେ, ଡି–ଦାମୋଦର ଷଟେ, ଗ୍ରା–ଗୋଡ଼ାଙ୍ଗ, ଜିଲ୍ଲା–ନୟାଗଡ଼
୧୦୭	୨୧୦୦	୯୮୩	ଜଳଭଣ୍ଡାର ଟାଙ୍କି–୧	୦.୦୩	୦.୦୩	ମଧୁ ସ୍ୱାଇଁ, ଡି–ଜଳ ସ୍ୱାଇଁ, ଗ୍ରା–ଗୋଡ଼ାଙ୍ଗ, ଜିଲ୍ଲା–ନୟାଗଡ଼
୧୦୮	୨୧୫୦	୯୮୪	ଜଳଭଣ୍ଡାର ଟାଙ୍କି–୧	୦.୦୧	୦.୦୧	ହରିହର ସ୍ୱାଇଁ, ଡି–ଜଳ ସ୍ୱାଇଁ, ଗ୍ରା–ଗୋଡ଼ାଙ୍ଗ, ଜିଲ୍ଲା–ନୟାଗଡ଼
୧୦୯	୨୨୦୦	୯୮୫	ଜଳଭଣ୍ଡାର ଟାଙ୍କି–୧	୦.୦୨	୦.୦୨	ଶ୍ରୀ ଜଗନ୍ନାଥଙ୍କ ଷଟେ, ମାର୍ଫତ ନିର୍ବାହୀ ଅଧିକାରୀ, ଶ୍ରୀମନ୍ଦିର, ଜିଲ୍ଲା–ନୟାଗଡ଼
୧୧୦	୨୨୫୦	୯୮୬	ଜଳଭଣ୍ଡାର ଟାଙ୍କି–୧	୦.୦୪	୦.୦୪	ବାସୁ ପ୍ରଧାନ, ଡି–ସୁଧି ପ୍ରଧାନ, ଗ୍ରା–ଗୋଡ଼ାଙ୍ଗ, ଜିଲ୍ଲା–ନୟାଗଡ଼
